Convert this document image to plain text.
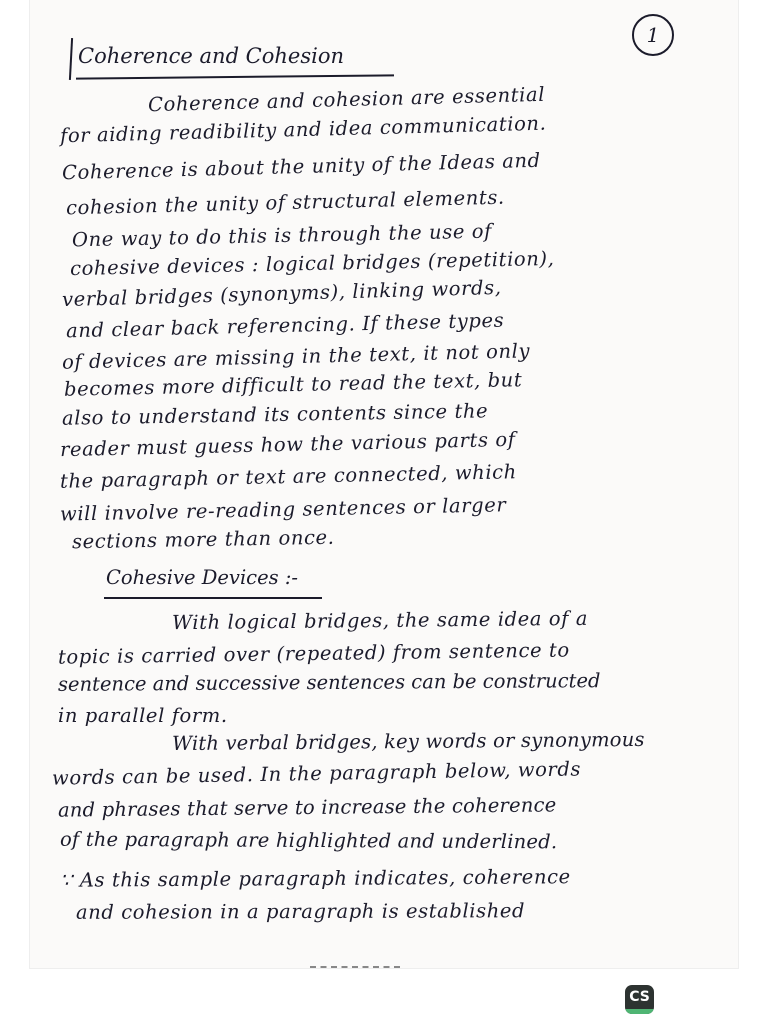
1
Coherence and Cohesion
Coherence and cohesion are essential
for aiding readibility and idea communication.
Coherence is about the unity of the Ideas and
cohesion the unity of structural elements.
One way to do this is through the use of
cohesive devices : logical bridges (repetition),
verbal bridges (synonyms), linking words,
and clear back referencing. If these types
of devices are missing in the text, it not only
becomes more difficult to read the text, but
also to understand its contents since the
reader must guess how the various parts of
the paragraph or text are connected, which
will involve re-reading sentences or larger
sections more than once.
Cohesive Devices :-
With logical bridges, the same idea of a
topic is carried over (repeated) from sentence to
sentence and successive sentences can be constructed
in parallel form.
With verbal bridges, key words or synonymous
words can be used. In the paragraph below, words
and phrases that serve to increase the coherence
of the paragraph are highlighted and underlined.
∵ As this sample paragraph indicates, coherence
and cohesion in a paragraph is established
CS
